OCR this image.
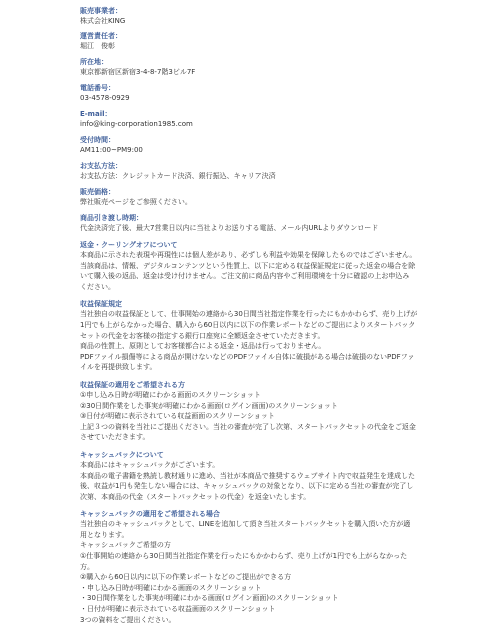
販売事業者：
株式会社KING
運営責任者：
堀江　俊彰
所在地：
東京都新宿区新宿3-4-8-7階3ビル7F
電話番号：
03-4578-0929
E-mail：
info@king-corporation1985.com
受付時間：
AM11:00~PM9:00
お支払方法：
お支払方法：クレジットカード決済、銀行振込、キャリア決済
販売価格：
弊社販売ページをご参照ください。
商品引き渡し時期：
代金決済完了後、最大7営業日以内に当社よりお送りする電話、メール内URLよりダウンロード
返金・クーリングオフについて
本商品に示された表現や再現性には個人差があり、必ずしも利益や効果を保障したものではございません。
当該商品は、情報、デジタルコンテンツという性質上、以下に定める収益保証規定に従った返金の場合を除
いて購入後の返品、返金は受け付けません。ご注文前に商品内容やご利用環境を十分に確認の上お申込み
ください。
収益保証規定
当社独自の収益保証として、仕事開始の連絡から30日間当社指定作業を行ったにもかかわらず、売り上げが
1円でも上がらなかった場合、購入から60日以内に以下の作業レポートなどのご提出によりスタートパック
セットの代金をお客様の指定する銀行口座宛に全額返金させていただきます。
商品の性質上、原則としてお客様都合による返金・返品は行っておりません。
PDFファイル損傷等による商品が開けないなどのPDFファイル自体に破損がある場合は破損のないPDFファ
イルを再提供致します。
収益保証の適用をご希望される方
①申し込み日時が明確にわかる画面のスクリーンショット
②30日間作業をした事実が明確にわかる画面(ログイン画面)のスクリーンショット
③日付が明確に表示されている収益画面のスクリーンショット
上記３つの資料を当社にご提出ください。当社の審査が完了し次第、スタートパックセットの代金をご返金
させていただきます。
キャッシュバックについて
本商品にはキャッシュバックがございます。
本商品の電子書籍を熟読し教材通りに進め、当社が本商品で推奨するウェブサイト内で収益発生を達成した
後、収益が1円も発生しない場合には、キャッシュバックの対象となり、以下に定める当社の審査が完了し
次第、本商品の代金（スタートパックセットの代金）を返金いたします。
キャッシュバックの適用をご希望される場合
当社独自のキャッシュバックとして、LINEを追加して頂き当社スタートパックセットを購入頂いた方が適
用となります。
キャッシュバックご希望の方
①仕事開始の連絡から30日間当社指定作業を行ったにもかかわらず、売り上げが1円でも上がらなかった
方。
②購入から60日以内に以下の作業レポートなどのご提出ができる方
・申し込み日時が明確にわかる画面のスクリーンショット
・30日間作業をした事実が明確にわかる画面(ログイン画面)のスクリーンショット
・日付が明確に表示されている収益画面のスクリーンショット
3つの資料をご提出ください。
